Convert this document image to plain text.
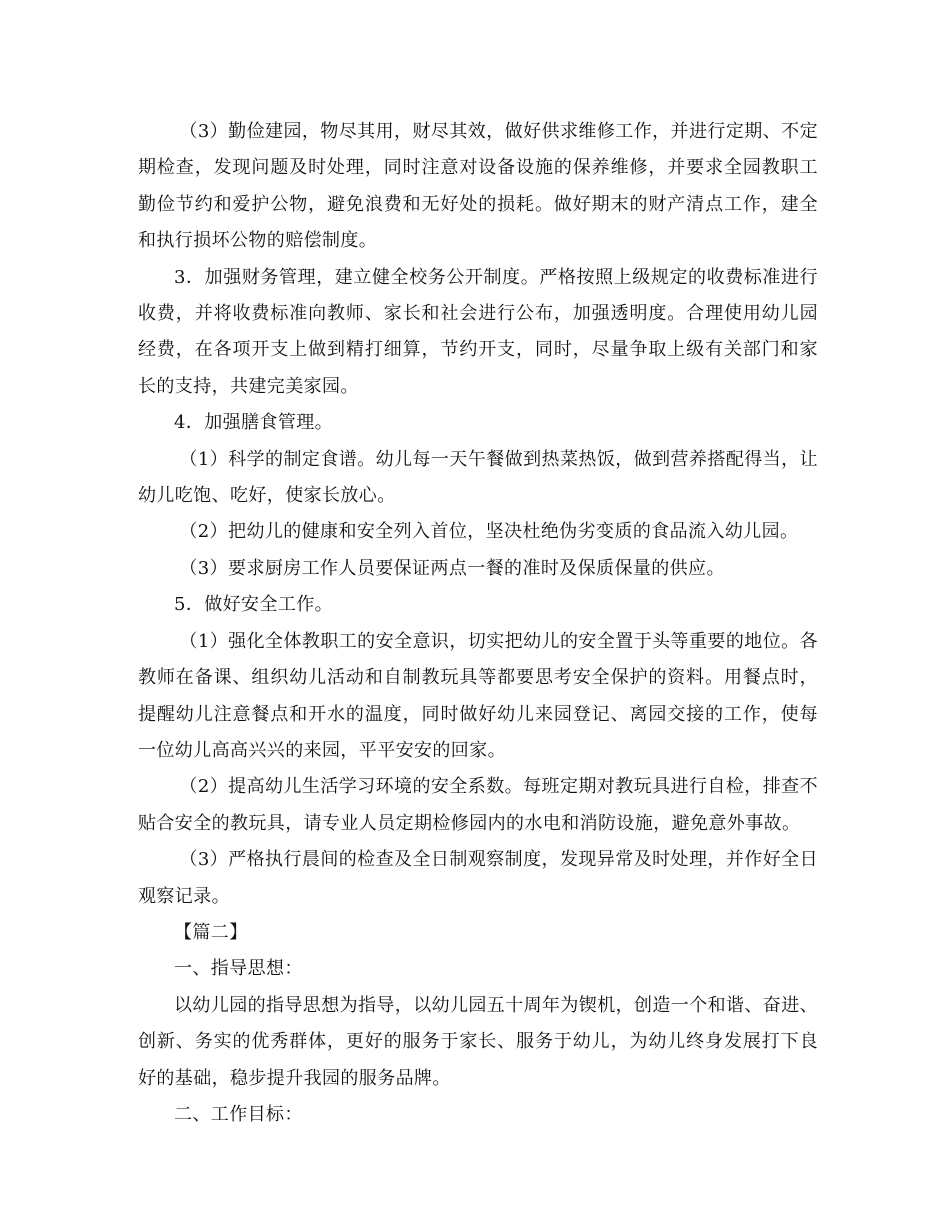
（3）勤俭建园，物尽其用，财尽其效，做好供求维修工作，并进行定期、不定期检查，发现问题及时处理，同时注意对设备设施的保养维修，并要求全园教职工勤俭节约和爱护公物，避免浪费和无好处的损耗。做好期末的财产清点工作，建全和执行损坏公物的赔偿制度。

3．加强财务管理，建立健全校务公开制度。严格按照上级规定的收费标准进行收费，并将收费标准向教师、家长和社会进行公布，加强透明度。合理使用幼儿园经费，在各项开支上做到精打细算，节约开支，同时，尽量争取上级有关部门和家长的支持，共建完美家园。

4．加强膳食管理。

（1）科学的制定食谱。幼儿每一天午餐做到热菜热饭，做到营养搭配得当，让幼儿吃饱、吃好，使家长放心。

（2）把幼儿的健康和安全列入首位，坚决杜绝伪劣变质的食品流入幼儿园。

（3）要求厨房工作人员要保证两点一餐的准时及保质保量的供应。

5．做好安全工作。

（1）强化全体教职工的安全意识，切实把幼儿的安全置于头等重要的地位。各教师在备课、组织幼儿活动和自制教玩具等都要思考安全保护的资料。用餐点时，提醒幼儿注意餐点和开水的温度，同时做好幼儿来园登记、离园交接的工作，使每一位幼儿高高兴兴的来园，平平安安的回家。

（2）提高幼儿生活学习环境的安全系数。每班定期对教玩具进行自检，排查不贴合安全的教玩具，请专业人员定期检修园内的水电和消防设施，避免意外事故。

（3）严格执行晨间的检查及全日制观察制度，发现异常及时处理，并作好全日观察记录。

【篇二】

一、指导思想：

以幼儿园的指导思想为指导，以幼儿园五十周年为锲机，创造一个和谐、奋进、创新、务实的优秀群体，更好的服务于家长、服务于幼儿，为幼儿终身发展打下良好的基础，稳步提升我园的服务品牌。

二、工作目标：
